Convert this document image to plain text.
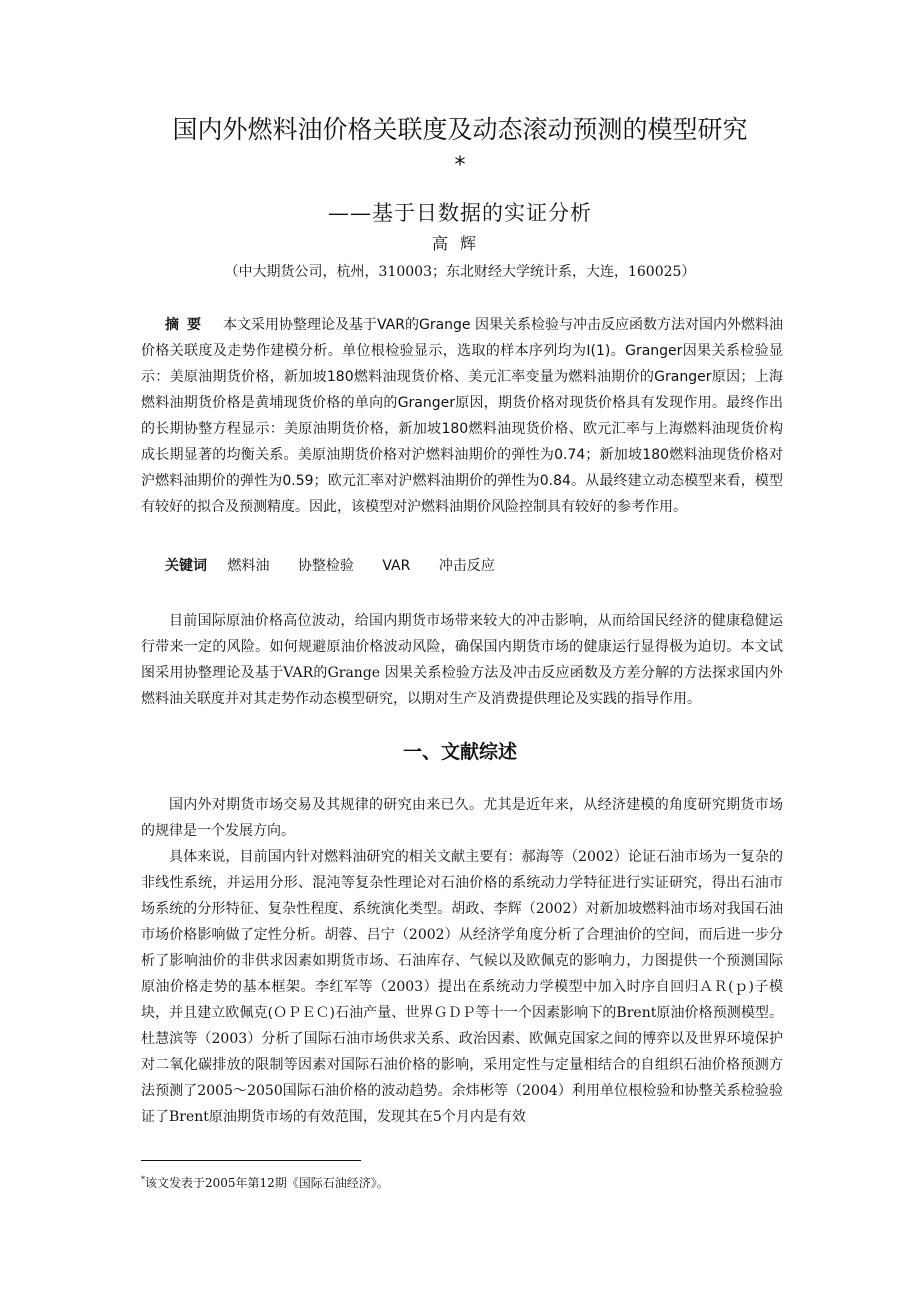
国内外燃料油价格关联度及动态滚动预测的模型研究
*
——基于日数据的实证分析
高辉
（中大期货公司，杭州，310003；东北财经大学统计系，大连，160025）

摘要 本文采用协整理论及基于VAR的Grange 因果关系检验与冲击反应函数方法对国内外燃料油价格关联度及走势作建模分析。单位根检验显示，选取的样本序列均为I(1)。Granger因果关系检验显示：美原油期货价格，新加坡180燃料油现货价格、美元汇率变量为燃料油期价的Granger原因；上海燃料油期货价格是黄埔现货价格的单向的Granger原因，期货价格对现货价格具有发现作用。最终作出的长期协整方程显示：美原油期货价格，新加坡180燃料油现货价格、欧元汇率与上海燃料油现货价构成长期显著的均衡关系。美原油期货价格对沪燃料油期价的弹性为0.74；新加坡180燃料油现货价格对沪燃料油期价的弹性为0.59；欧元汇率对沪燃料油期价的弹性为0.84。从最终建立动态模型来看，模型有较好的拟合及预测精度。因此，该模型对沪燃料油期价风险控制具有较好的参考作用。

关键词 燃料油 协整检验 VAR 冲击反应

目前国际原油价格高位波动，给国内期货市场带来较大的冲击影响，从而给国民经济的健康稳健运行带来一定的风险。如何规避原油价格波动风险，确保国内期货市场的健康运行显得极为迫切。本文试图采用协整理论及基于VAR的Grange 因果关系检验方法及冲击反应函数及方差分解的方法探求国内外燃料油关联度并对其走势作动态模型研究，以期对生产及消费提供理论及实践的指导作用。

一、文献综述

国内外对期货市场交易及其规律的研究由来已久。尤其是近年来，从经济建模的角度研究期货市场的规律是一个发展方向。

具体来说，目前国内针对燃料油研究的相关文献主要有：郝海等（2002）论证石油市场为一复杂的非线性系统，并运用分形、混沌等复杂性理论对石油价格的系统动力学特征进行实证研究，得出石油市场系统的分形特征、复杂性程度、系统演化类型。胡政、李辉（2002）对新加坡燃料油市场对我国石油市场价格影响做了定性分析。胡蓉、吕宁（2002）从经济学角度分析了合理油价的空间，而后进一步分析了影响油价的非供求因素如期货市场、石油库存、气候以及欧佩克的影响力，力图提供一个预测国际原油价格走势的基本框架。李红军等（2003）提出在系统动力学模型中加入时序自回归ＡＲ(ｐ)子模块，并且建立欧佩克(ＯＰＥＣ)石油产量、世界ＧＤＰ等十一个因素影响下的Brent原油价格预测模型。杜慧滨等（2003）分析了国际石油市场供求关系、政治因素、欧佩克国家之间的博弈以及世界环境保护对二氧化碳排放的限制等因素对国际石油价格的影响，采用定性与定量相结合的自组织石油价格预测方法预测了2005～2050国际石油价格的波动趋势。余炜彬等（2004）利用单位根检验和协整关系检验验证了Brent原油期货市场的有效范围，发现其在5个月内是有效

*该文发表于2005年第12期《国际石油经济》。
